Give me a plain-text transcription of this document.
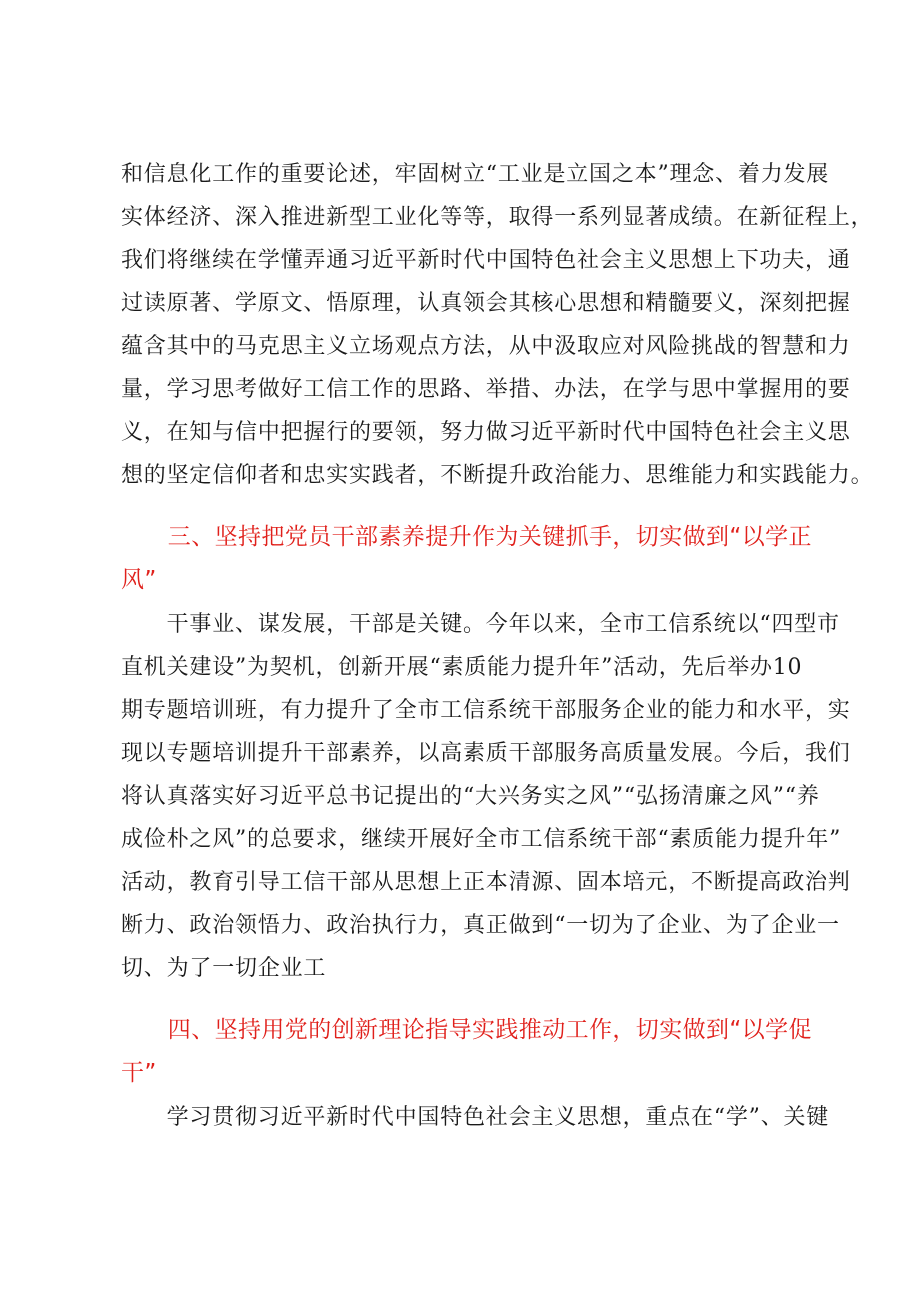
和信息化工作的重要论述，牢固树立“工业是立国之本”理念、着力发展
实体经济、深入推进新型工业化等等，取得一系列显著成绩。在新征程上，
我们将继续在学懂弄通习近平新时代中国特色社会主义思想上下功夫，通
过读原著、学原文、悟原理，认真领会其核心思想和精髓要义，深刻把握
蕴含其中的马克思主义立场观点方法，从中汲取应对风险挑战的智慧和力
量，学习思考做好工信工作的思路、举措、办法，在学与思中掌握用的要
义，在知与信中把握行的要领，努力做习近平新时代中国特色社会主义思
想的坚定信仰者和忠实实践者，不断提升政治能力、思维能力和实践能力。
　　三、坚持把党员干部素养提升作为关键抓手，切实做到“以学正
风”
　　干事业、谋发展，干部是关键。今年以来，全市工信系统以“四型市
直机关建设”为契机，创新开展“素质能力提升年”活动，先后举办10
期专题培训班，有力提升了全市工信系统干部服务企业的能力和水平，实
现以专题培训提升干部素养，以高素质干部服务高质量发展。今后，我们
将认真落实好习近平总书记提出的“大兴务实之风”“弘扬清廉之风”“养
成俭朴之风”的总要求，继续开展好全市工信系统干部“素质能力提升年”
活动，教育引导工信干部从思想上正本清源、固本培元，不断提高政治判
断力、政治领悟力、政治执行力，真正做到“一切为了企业、为了企业一
切、为了一切企业工
　　四、坚持用党的创新理论指导实践推动工作，切实做到“以学促
干”
　　学习贯彻习近平新时代中国特色社会主义思想，重点在“学”、关键
